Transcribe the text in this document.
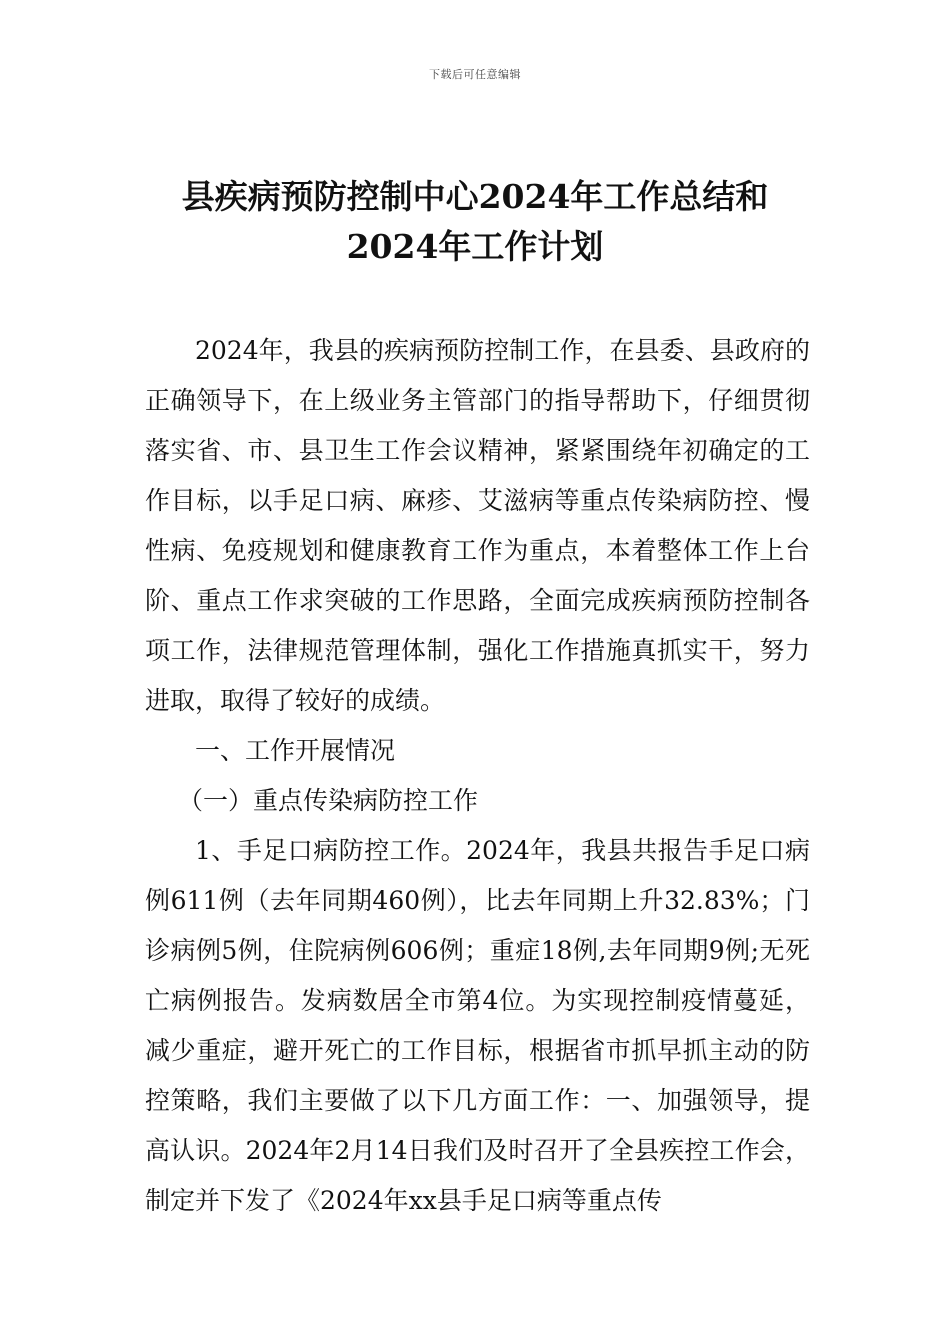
下载后可任意编辑
县疾病预防控制中心2024年工作总结和
2024年工作计划

2024年，我县的疾病预防控制工作，在县委、县政府的正确领导下，在上级业务主管部门的指导帮助下，仔细贯彻落实省、市、县卫生工作会议精神，紧紧围绕年初确定的工作目标，以手足口病、麻疹、艾滋病等重点传染病防控、慢性病、免疫规划和健康教育工作为重点，本着整体工作上台阶、重点工作求突破的工作思路，全面完成疾病预防控制各项工作，法律规范管理体制，强化工作措施真抓实干，努力进取，取得了较好的成绩。

一、工作开展情况

（一）重点传染病防控工作

1、手足口病防控工作。2024年，我县共报告手足口病例611例（去年同期460例），比去年同期上升32.83%；门诊病例5例，住院病例606例；重症18例,去年同期9例;无死亡病例报告。发病数居全市第4位。为实现控制疫情蔓延，减少重症，避开死亡的工作目标，根据省市抓早抓主动的防控策略，我们主要做了以下几方面工作：一、加强领导，提高认识。2024年2月14日我们及时召开了全县疾控工作会，制定并下发了《2024年xx县手足口病等重点传
